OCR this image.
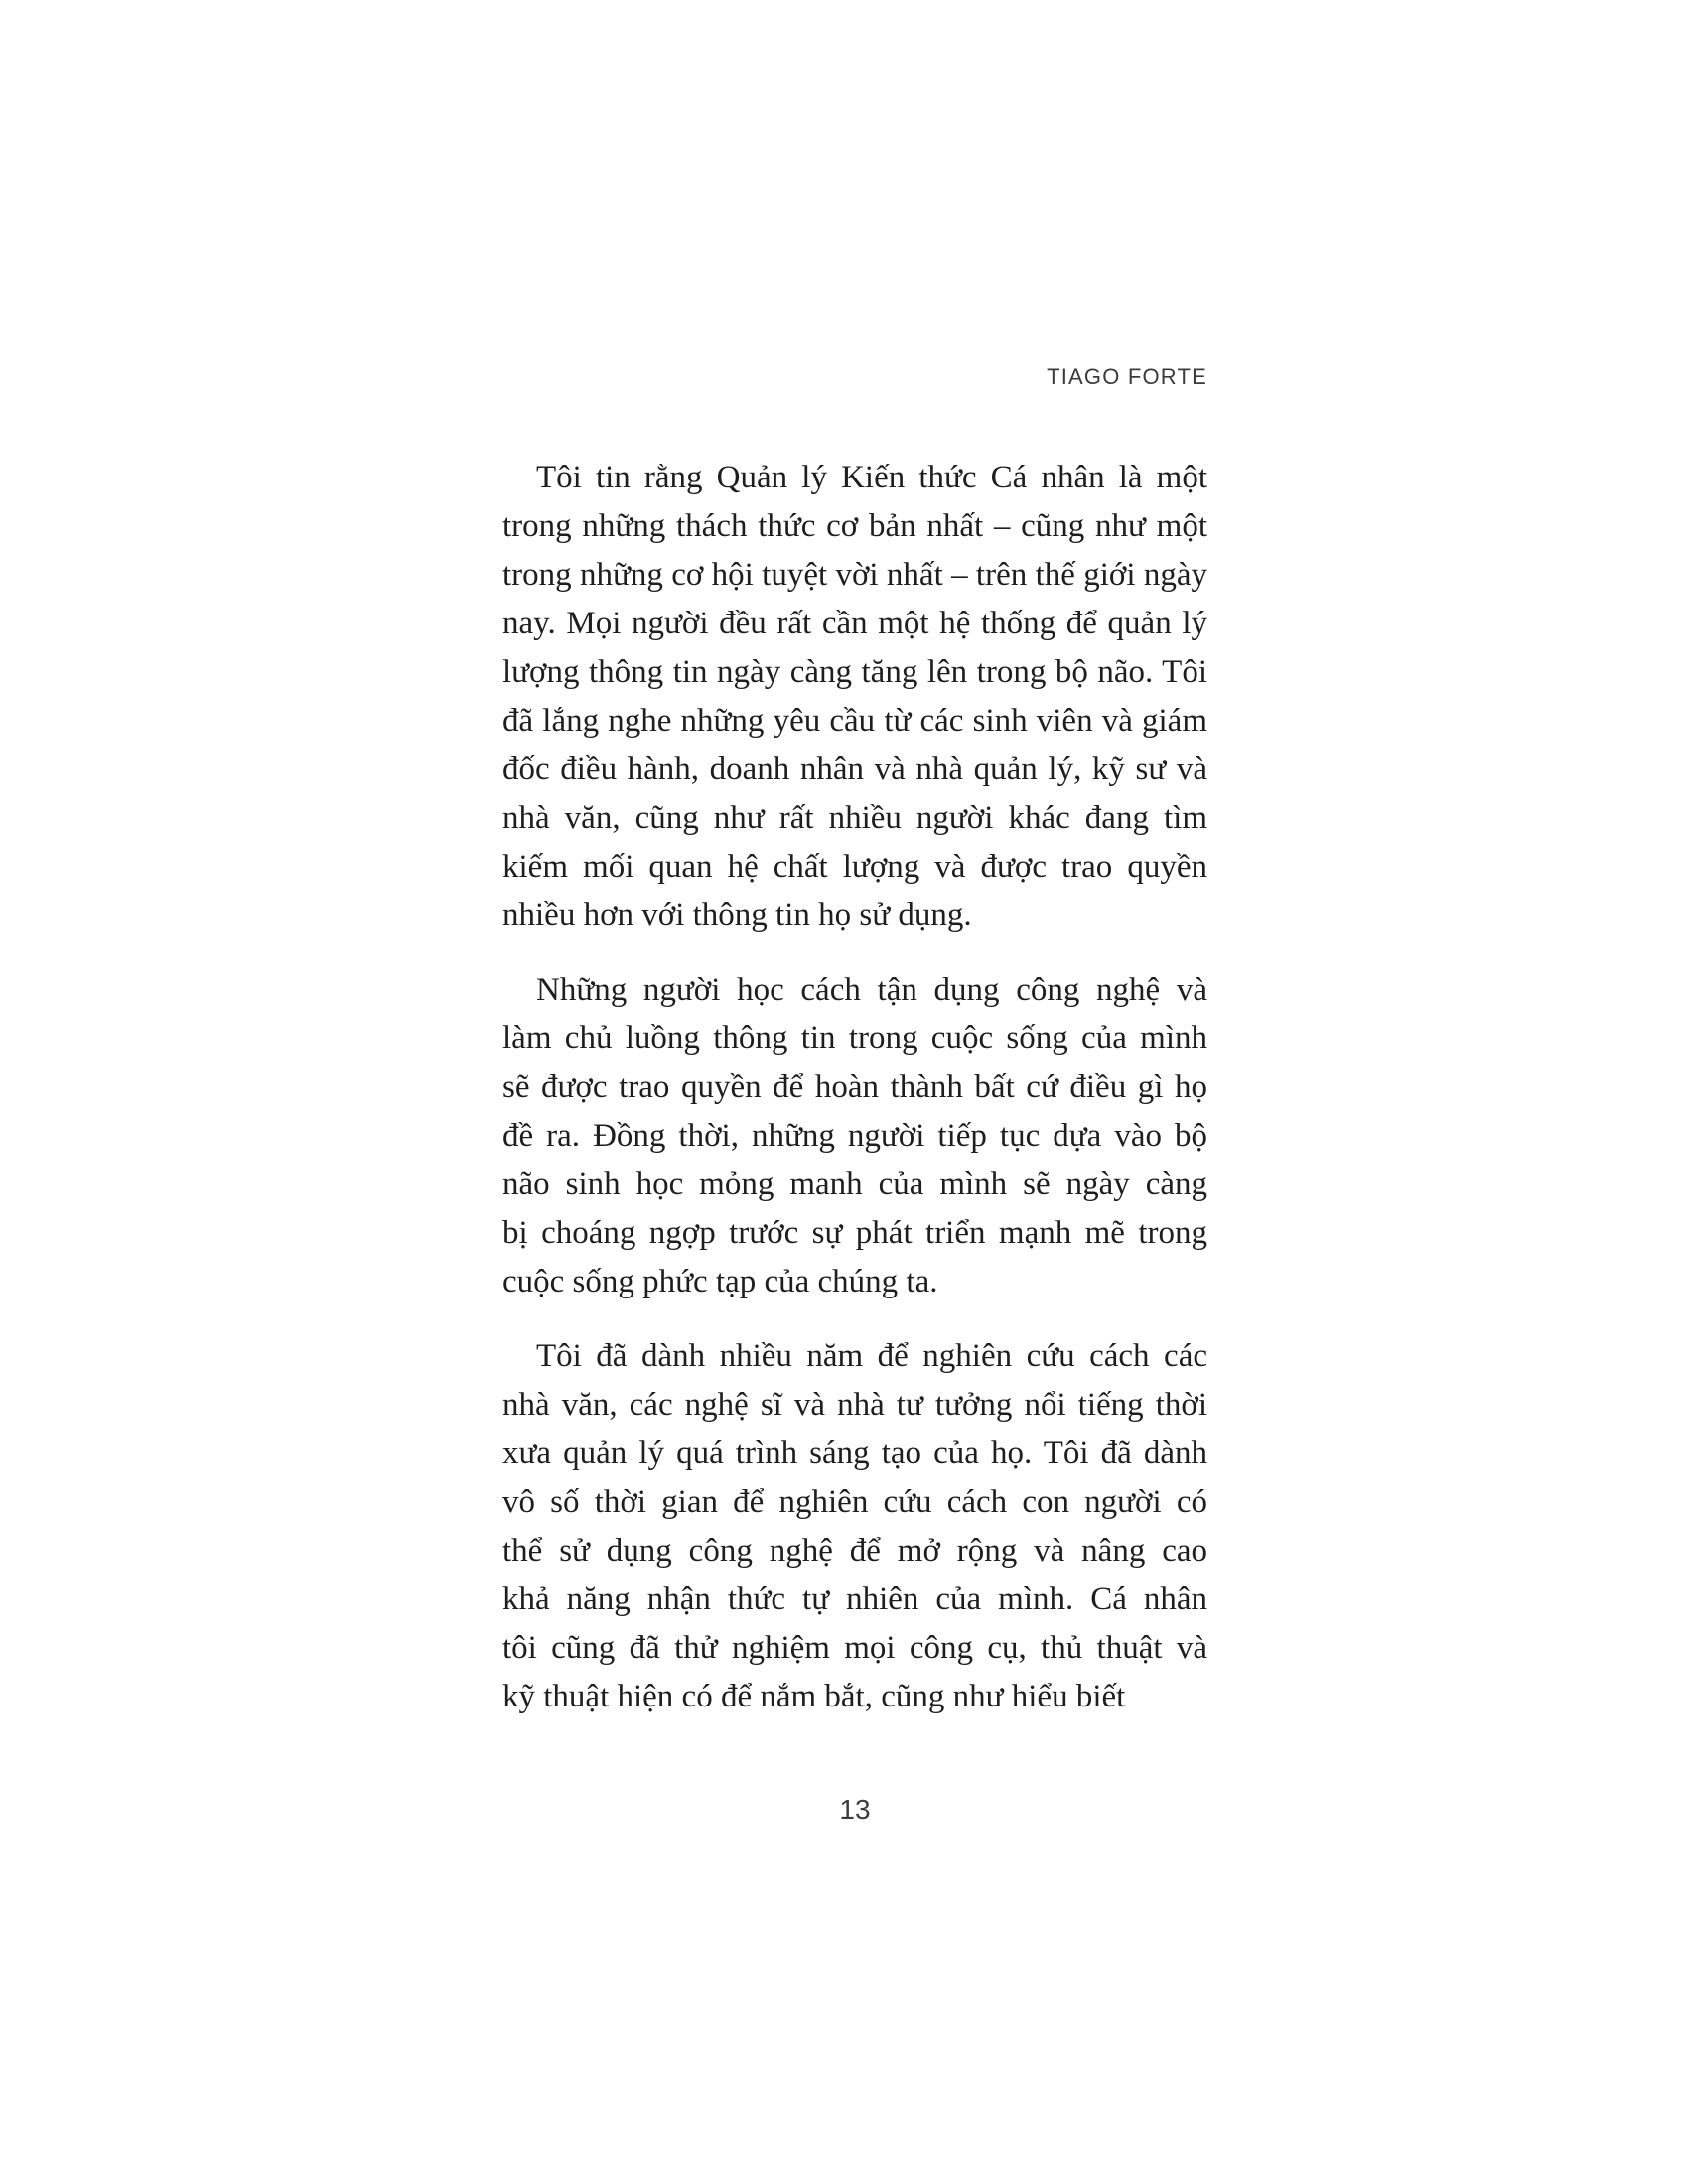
TIAGO FORTE
Tôi tin rằng Quản lý Kiến thức Cá nhân là một
trong những thách thức cơ bản nhất – cũng như một
trong những cơ hội tuyệt vời nhất – trên thế giới ngày
nay. Mọi người đều rất cần một hệ thống để quản lý
lượng thông tin ngày càng tăng lên trong bộ não. Tôi
đã lắng nghe những yêu cầu từ các sinh viên và giám
đốc điều hành, doanh nhân và nhà quản lý, kỹ sư và
nhà văn, cũng như rất nhiều người khác đang tìm
kiếm mối quan hệ chất lượng và được trao quyền
nhiều hơn với thông tin họ sử dụng.
Những người học cách tận dụng công nghệ và
làm chủ luồng thông tin trong cuộc sống của mình
sẽ được trao quyền để hoàn thành bất cứ điều gì họ
đề ra. Đồng thời, những người tiếp tục dựa vào bộ
não sinh học mỏng manh của mình sẽ ngày càng
bị choáng ngợp trước sự phát triển mạnh mẽ trong
cuộc sống phức tạp của chúng ta.
Tôi đã dành nhiều năm để nghiên cứu cách các
nhà văn, các nghệ sĩ và nhà tư tưởng nổi tiếng thời
xưa quản lý quá trình sáng tạo của họ. Tôi đã dành
vô số thời gian để nghiên cứu cách con người có
thể sử dụng công nghệ để mở rộng và nâng cao
khả năng nhận thức tự nhiên của mình. Cá nhân
tôi cũng đã thử nghiệm mọi công cụ, thủ thuật và
kỹ thuật hiện có để nắm bắt, cũng như hiểu biết
13
